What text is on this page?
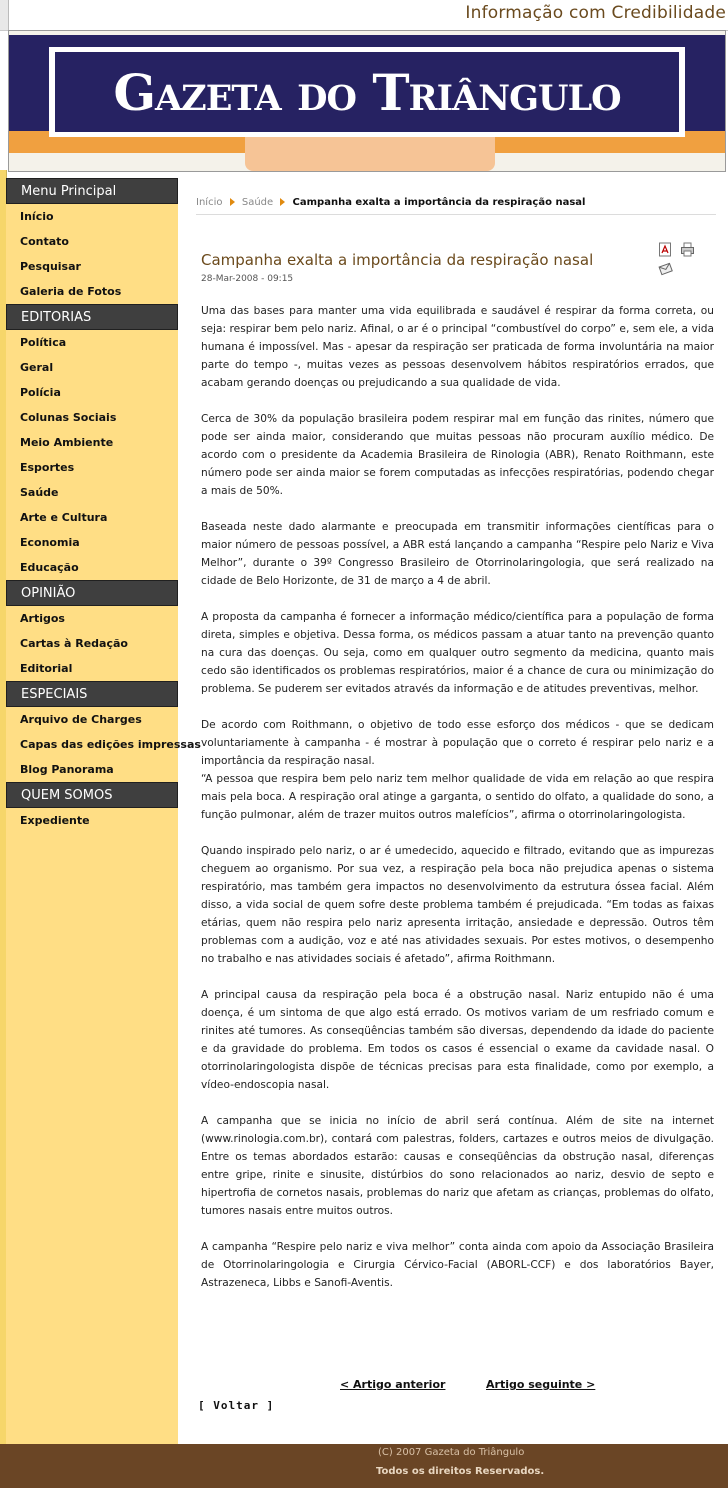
Informação com Credibilidade
Gazeta do Triângulo
Menu Principal
Início
Contato
Pesquisar
Galeria de Fotos
EDITORIAS
Política
Geral
Polícia
Colunas Sociais
Meio Ambiente
Esportes
Saúde
Arte e Cultura
Economia
Educação
OPINIÃO
Artigos
Cartas à Redação
Editorial
ESPECIAIS
Arquivo de Charges
Capas das edições impressas
Blog Panorama
QUEM SOMOS
Expediente
Início Saúde Campanha exalta a importância da respiração nasal

Campanha exalta a importância da respiração nasal
28-Mar-2008 - 09:15

Uma das bases para manter uma vida equilibrada e saudável é respirar da forma correta, ou seja: respirar bem pelo nariz. Afinal, o ar é o principal “combustível do corpo” e, sem ele, a vida humana é impossível. Mas - apesar da respiração ser praticada de forma involuntária na maior parte do tempo -, muitas vezes as pessoas desenvolvem hábitos respiratórios errados, que acabam gerando doenças ou prejudicando a sua qualidade de vida.

Cerca de 30% da população brasileira podem respirar mal em função das rinites, número que pode ser ainda maior, considerando que muitas pessoas não procuram auxílio médico. De acordo com o presidente da Academia Brasileira de Rinologia (ABR), Renato Roithmann, este número pode ser ainda maior se forem computadas as infecções respiratórias, podendo chegar a mais de 50%.

Baseada neste dado alarmante e preocupada em transmitir informações científicas para o maior número de pessoas possível, a ABR está lançando a campanha “Respire pelo Nariz e Viva Melhor”, durante o 39º Congresso Brasileiro de Otorrinolaringologia, que será realizado na cidade de Belo Horizonte, de 31 de março a 4 de abril.

A proposta da campanha é fornecer a informação médico/científica para a população de forma direta, simples e objetiva. Dessa forma, os médicos passam a atuar tanto na prevenção quanto na cura das doenças. Ou seja, como em qualquer outro segmento da medicina, quanto mais cedo são identificados os problemas respiratórios, maior é a chance de cura ou minimização do problema. Se puderem ser evitados através da informação e de atitudes preventivas, melhor.

De acordo com Roithmann, o objetivo de todo esse esforço dos médicos - que se dedicam voluntariamente à campanha - é mostrar à população que o correto é respirar pelo nariz e a importância da respiração nasal.

“A pessoa que respira bem pelo nariz tem melhor qualidade de vida em relação ao que respira mais pela boca. A respiração oral atinge a garganta, o sentido do olfato, a qualidade do sono, a função pulmonar, além de trazer muitos outros malefícios”, afirma o otorrinolaringologista.

Quando inspirado pelo nariz, o ar é umedecido, aquecido e filtrado, evitando que as impurezas cheguem ao organismo. Por sua vez, a respiração pela boca não prejudica apenas o sistema respiratório, mas também gera impactos no desenvolvimento da estrutura óssea facial. Além disso, a vida social de quem sofre deste problema também é prejudicada. “Em todas as faixas etárias, quem não respira pelo nariz apresenta irritação, ansiedade e depressão. Outros têm problemas com a audição, voz e até nas atividades sexuais. Por estes motivos, o desempenho no trabalho e nas atividades sociais é afetado”, afirma Roithmann.

A principal causa da respiração pela boca é a obstrução nasal. Nariz entupido não é uma doença, é um sintoma de que algo está errado. Os motivos variam de um resfriado comum e rinites até tumores. As conseqüências também são diversas, dependendo da idade do paciente e da gravidade do problema. Em todos os casos é essencial o exame da cavidade nasal. O otorrinolaringologista dispõe de técnicas precisas para esta finalidade, como por exemplo, a vídeo-endoscopia nasal.

A campanha que se inicia no início de abril será contínua. Além de site na internet (www.rinologia.com.br), contará com palestras, folders, cartazes e outros meios de divulgação. Entre os temas abordados estarão: causas e conseqüências da obstrução nasal, diferenças entre gripe, rinite e sinusite, distúrbios do sono relacionados ao nariz, desvio de septo e hipertrofia de cornetos nasais, problemas do nariz que afetam as crianças, problemas do olfato, tumores nasais entre muitos outros.

A campanha “Respire pelo nariz e viva melhor” conta ainda com apoio da Associação Brasileira de Otorrinolaringologia e Cirurgia Cérvico-Facial (ABORL-CCF) e dos laboratórios Bayer, Astrazeneca, Libbs e Sanofi-Aventis.

< Artigo anterior	Artigo seguinte >
[ Voltar ]
(C) 2007 Gazeta do Triângulo
Todos os direitos Reservados.
